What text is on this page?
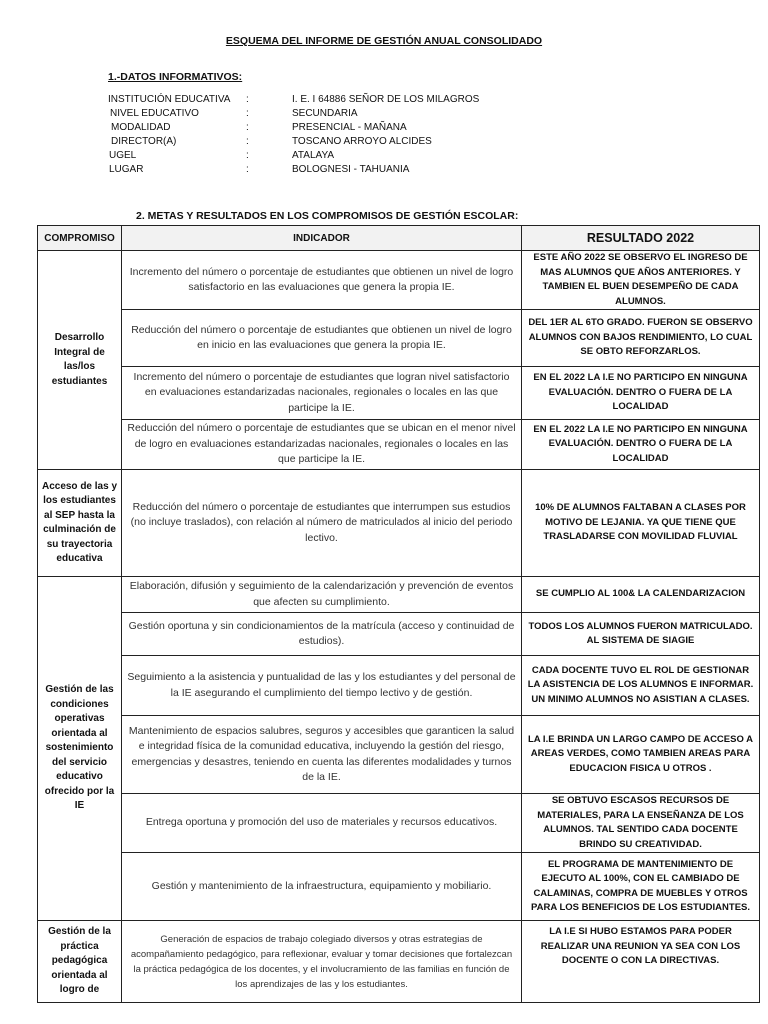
ESQUEMA DEL INFORME DE GESTIÓN ANUAL CONSOLIDADO
1.-DATOS INFORMATIVOS:
INSTITUCIÓN EDUCATIVA :	I. E. I 64886 SEÑOR DE LOS MILAGROS
NIVEL EDUCATIVO	:	SECUNDARIA
MODALIDAD	:	PRESENCIAL - MAÑANA
DIRECTOR(A)	:	TOSCANO ARROYO ALCIDES
UGEL	:	ATALAYA
LUGAR	:	BOLOGNESI - TAHUANIA
2. METAS Y RESULTADOS EN LOS COMPROMISOS DE GESTIÓN ESCOLAR:
COMPROMISO	INDICADOR	RESULTADO 2022
Desarrollo Integral de las/los estudiantes	Incremento del número o porcentaje de estudiantes que obtienen un nivel de logro satisfactorio en las evaluaciones que genera la propia IE.	ESTE AÑO 2022 SE OBSERVO EL INGRESO DE MAS ALUMNOS QUE AÑOS ANTERIORES. Y TAMBIEN EL BUEN DESEMPEÑO DE CADA ALUMNOS.
	Reducción del número o porcentaje de estudiantes que obtienen un nivel de logro en inicio en las evaluaciones que genera la propia IE.	DEL 1ER AL 6TO GRADO. FUERON SE OBSERVO ALUMNOS CON BAJOS RENDIMIENTO, LO CUAL SE OBTO REFORZARLOS.
	Incremento del número o porcentaje de estudiantes que logran nivel satisfactorio en evaluaciones estandarizadas nacionales, regionales o locales en las que participe la IE.	EN EL 2022 LA I.E NO PARTICIPO EN NINGUNA EVALUACIÓN. DENTRO O FUERA DE LA LOCALIDAD
	Reducción del número o porcentaje de estudiantes que se ubican en el menor nivel de logro en evaluaciones estandarizadas nacionales, regionales o locales en las que participe la IE.	EN EL 2022 LA I.E NO PARTICIPO EN NINGUNA EVALUACIÓN. DENTRO O FUERA DE LA LOCALIDAD
Acceso de las y los estudiantes al SEP hasta la culminación de su trayectoria educativa	Reducción del número o porcentaje de estudiantes que interrumpen sus estudios (no incluye traslados), con relación al número de matriculados al inicio del periodo lectivo.	10% DE ALUMNOS FALTABAN A CLASES POR MOTIVO DE LEJANIA. YA QUE TIENE QUE TRASLADARSE CON MOVILIDAD FLUVIAL
Gestión de las condiciones operativas orientada al sostenimiento del servicio educativo ofrecido por la IE	Elaboración, difusión y seguimiento de la calendarización y prevención de eventos que afecten su cumplimiento.	SE CUMPLIO AL 100& LA CALENDARIZACION
	Gestión oportuna y sin condicionamientos de la matrícula (acceso y continuidad de estudios).	TODOS LOS ALUMNOS FUERON MATRICULADO. AL SISTEMA DE SIAGIE
	Seguimiento a la asistencia y puntualidad de las y los estudiantes y del personal de la IE asegurando el cumplimiento del tiempo lectivo y de gestión.	CADA DOCENTE TUVO EL ROL DE GESTIONAR LA ASISTENCIA DE LOS ALUMNOS E INFORMAR. UN MINIMO ALUMNOS NO ASISTIAN A CLASES.
	Mantenimiento de espacios salubres, seguros y accesibles que garanticen la salud e integridad física de la comunidad educativa, incluyendo la gestión del riesgo, emergencias y desastres, teniendo en cuenta las diferentes modalidades y turnos de la IE.	LA I.E BRINDA UN LARGO CAMPO DE ACCESO A AREAS VERDES, COMO TAMBIEN AREAS PARA EDUCACION FISICA U OTROS .
	Entrega oportuna y promoción del uso de materiales y recursos educativos.	SE OBTUVO ESCASOS RECURSOS DE MATERIALES, PARA LA ENSEÑANZA DE LOS ALUMNOS. TAL SENTIDO CADA DOCENTE BRINDO SU CREATIVIDAD.
	Gestión y mantenimiento de la infraestructura, equipamiento y mobiliario.	EL PROGRAMA DE MANTENIMIENTO DE EJECUTO AL 100%, CON EL CAMBIADO DE CALAMINAS, COMPRA DE MUEBLES Y OTROS PARA LOS BENEFICIOS DE LOS ESTUDIANTES.
Gestión de la práctica pedagógica orientada al logro de	Generación de espacios de trabajo colegiado diversos y otras estrategias de acompañamiento pedagógico, para reflexionar, evaluar y tomar decisiones que fortalezcan la práctica pedagógica de los docentes, y el involucramiento de las familias en función de los aprendizajes de las y los estudiantes.	LA I.E SI HUBO ESTAMOS PARA PODER REALIZAR UNA REUNION YA SEA CON LOS DOCENTE O CON LA DIRECTIVAS.
